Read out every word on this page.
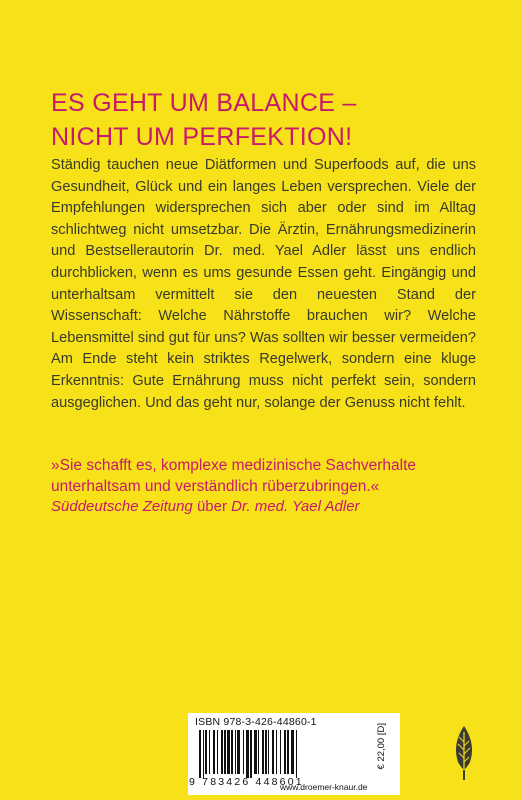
ES GEHT UM BALANCE –
NICHT UM PERFEKTION!

Ständig tauchen neue Diätformen und Superfoods auf, die uns Gesundheit, Glück und ein langes Leben versprechen. Viele der Empfehlungen widersprechen sich aber oder sind im Alltag schlichtweg nicht umsetzbar. Die Ärztin, Ernährungsmedizinerin und Bestsellerautorin Dr. med. Yael Adler lässt uns endlich durchblicken, wenn es ums gesunde Essen geht. Eingängig und unterhaltsam vermittelt sie den neuesten Stand der Wissenschaft: Welche Nährstoffe brauchen wir? Welche Lebensmittel sind gut für uns? Was sollten wir besser vermeiden? Am Ende steht kein striktes Regelwerk, sondern eine kluge Erkenntnis: Gute Ernährung muss nicht perfekt sein, sondern ausgeglichen. Und das geht nur, solange der Genuss nicht fehlt.

»Sie schafft es, komplexe medizinische Sachverhalte
unterhaltsam und verständlich rüberzubringen.«
Süddeutsche Zeitung über Dr. med. Yael Adler
ISBN 978-3-426-44860-1
9 783426 448601
€ 22,00 [D]
www.droemer-knaur.de
